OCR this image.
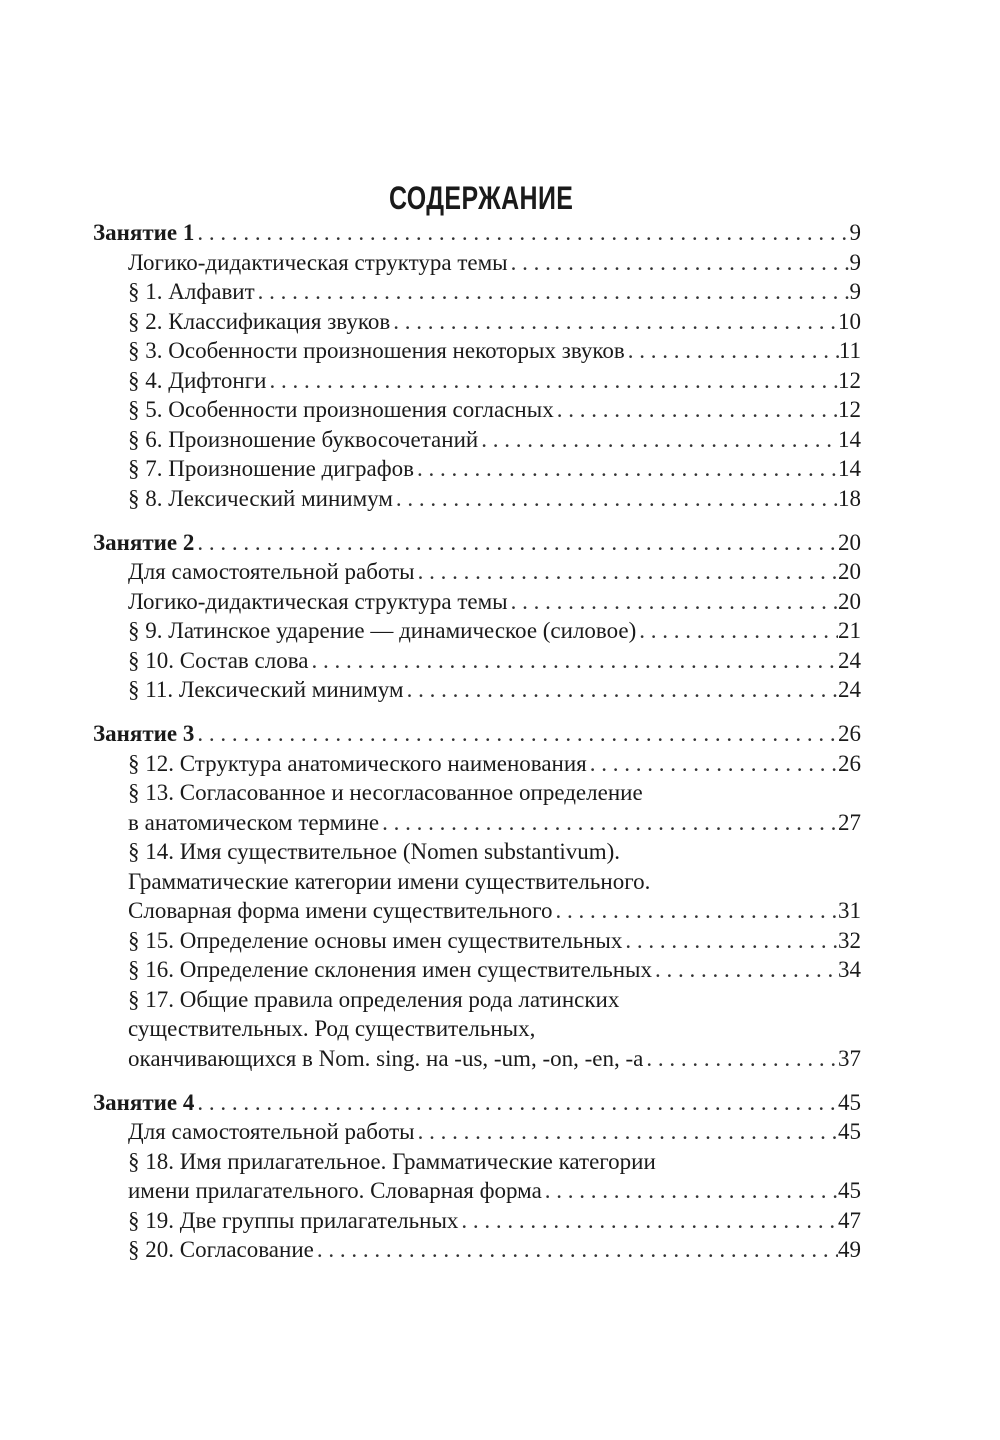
СОДЕРЖАНИЕ
Занятие 1 . . .	9
Логико-дидактическая структура темы . . .	9
§ 1. Алфавит . . .	9
§ 2. Классификация звуков . . .	10
§ 3. Особенности произношения некоторых звуков . . .	11
§ 4. Дифтонги . . .	12
§ 5. Особенности произношения согласных . . .	12
§ 6. Произношение буквосочетаний . . .	14
§ 7. Произношение диграфов . . .	14
§ 8. Лексический минимум . . .	18
Занятие 2 . . .	20
Для самостоятельной работы . . .	20
Логико-дидактическая структура темы . . .	20
§ 9. Латинское ударение — динамическое (силовое) . . .	21
§ 10. Состав слова . . .	24
§ 11. Лексический минимум . . .	24
Занятие 3 . . .	26
§ 12. Структура анатомического наименования . . .	26
§ 13. Согласованное и несогласованное определение
в анатомическом термине . . .	27
§ 14. Имя существительное (Nomen substantivum).
Грамматические категории имени существительного.
Словарная форма имени существительного . . .	31
§ 15. Определение основы имен существительных . . .	32
§ 16. Определение склонения имен существительных . . .	34
§ 17. Общие правила определения рода латинских
существительных. Род существительных,
оканчивающихся в Nom. sing. на -us, -um, -on, -en, -a . . .	37
Занятие 4 . . .	45
Для самостоятельной работы . . .	45
§ 18. Имя прилагательное. Грамматические категории
имени прилагательного. Словарная форма . . .	45
§ 19. Две группы прилагательных . . .	47
§ 20. Согласование . . .	49
